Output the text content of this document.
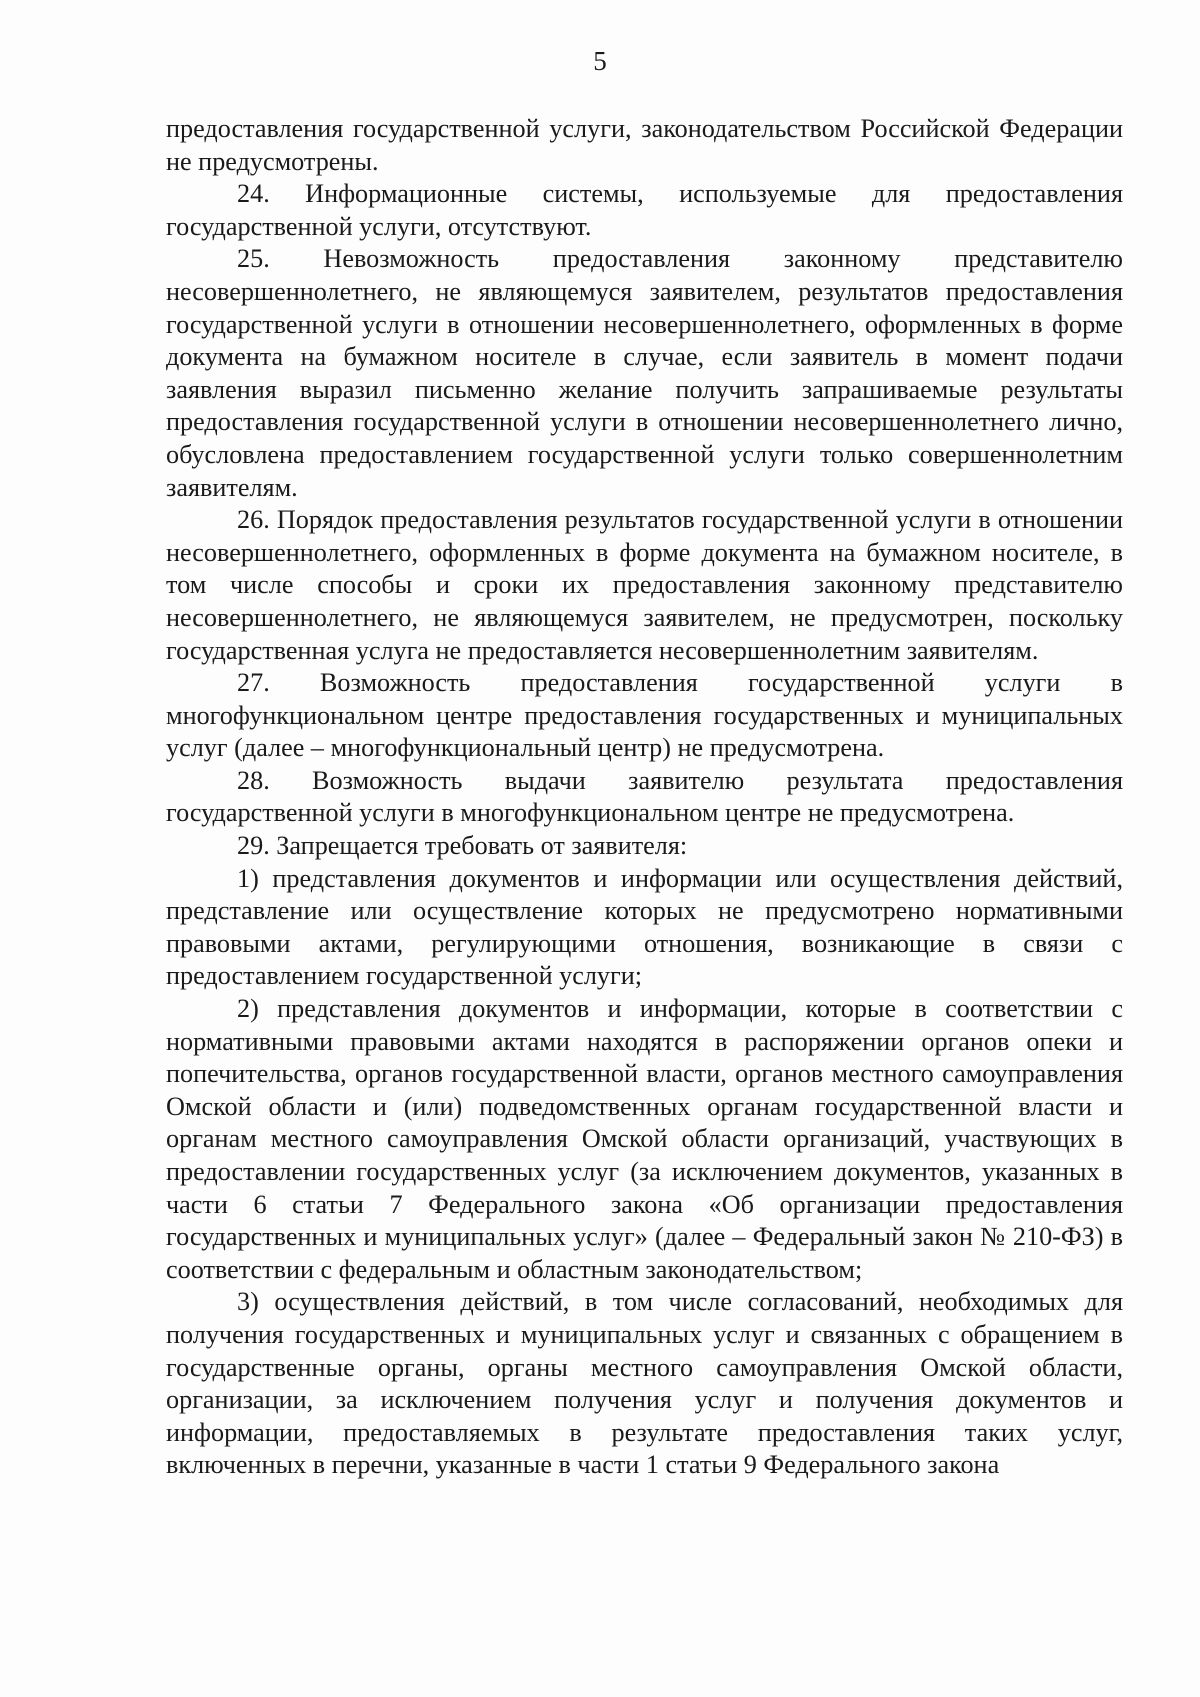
5

предоставления государственной услуги, законодательством Российской Федерации не предусмотрены.

24. Информационные системы, используемые для предоставления государственной услуги, отсутствуют.

25. Невозможность предоставления законному представителю несовершеннолетнего, не являющемуся заявителем, результатов предоставления государственной услуги в отношении несовершеннолетнего, оформленных в форме документа на бумажном носителе в случае, если заявитель в момент подачи заявления выразил письменно желание получить запрашиваемые результаты предоставления государственной услуги в отношении несовершеннолетнего лично, обусловлена предоставлением государственной услуги только совершеннолетним заявителям.

26. Порядок предоставления результатов государственной услуги в отношении несовершеннолетнего, оформленных в форме документа на бумажном носителе, в том числе способы и сроки их предоставления законному представителю несовершеннолетнего, не являющемуся заявителем, не предусмотрен, поскольку государственная услуга не предоставляется несовершеннолетним заявителям.

27. Возможность предоставления государственной услуги в многофункциональном центре предоставления государственных и муниципальных услуг (далее – многофункциональный центр) не предусмотрена.

28. Возможность выдачи заявителю результата предоставления государственной услуги в многофункциональном центре не предусмотрена.

29. Запрещается требовать от заявителя:

1) представления документов и информации или осуществления действий, представление или осуществление которых не предусмотрено нормативными правовыми актами, регулирующими отношения, возникающие в связи с предоставлением государственной услуги;

2) представления документов и информации, которые в соответствии с нормативными правовыми актами находятся в распоряжении органов опеки и попечительства, органов государственной власти, органов местного самоуправления Омской области и (или) подведомственных органам государственной власти и органам местного самоуправления Омской области организаций, участвующих в предоставлении государственных услуг (за исключением документов, указанных в части 6 статьи 7 Федерального закона «Об организации предоставления государственных и муниципальных услуг» (далее – Федеральный закон № 210-ФЗ) в соответствии с федеральным и областным законодательством;

3) осуществления действий, в том числе согласований, необходимых для получения государственных и муниципальных услуг и связанных с обращением в государственные органы, органы местного самоуправления Омской области, организации, за исключением получения услуг и получения документов и информации, предоставляемых в результате предоставления таких услуг, включенных в перечни, указанные в части 1 статьи 9 Федерального закона
